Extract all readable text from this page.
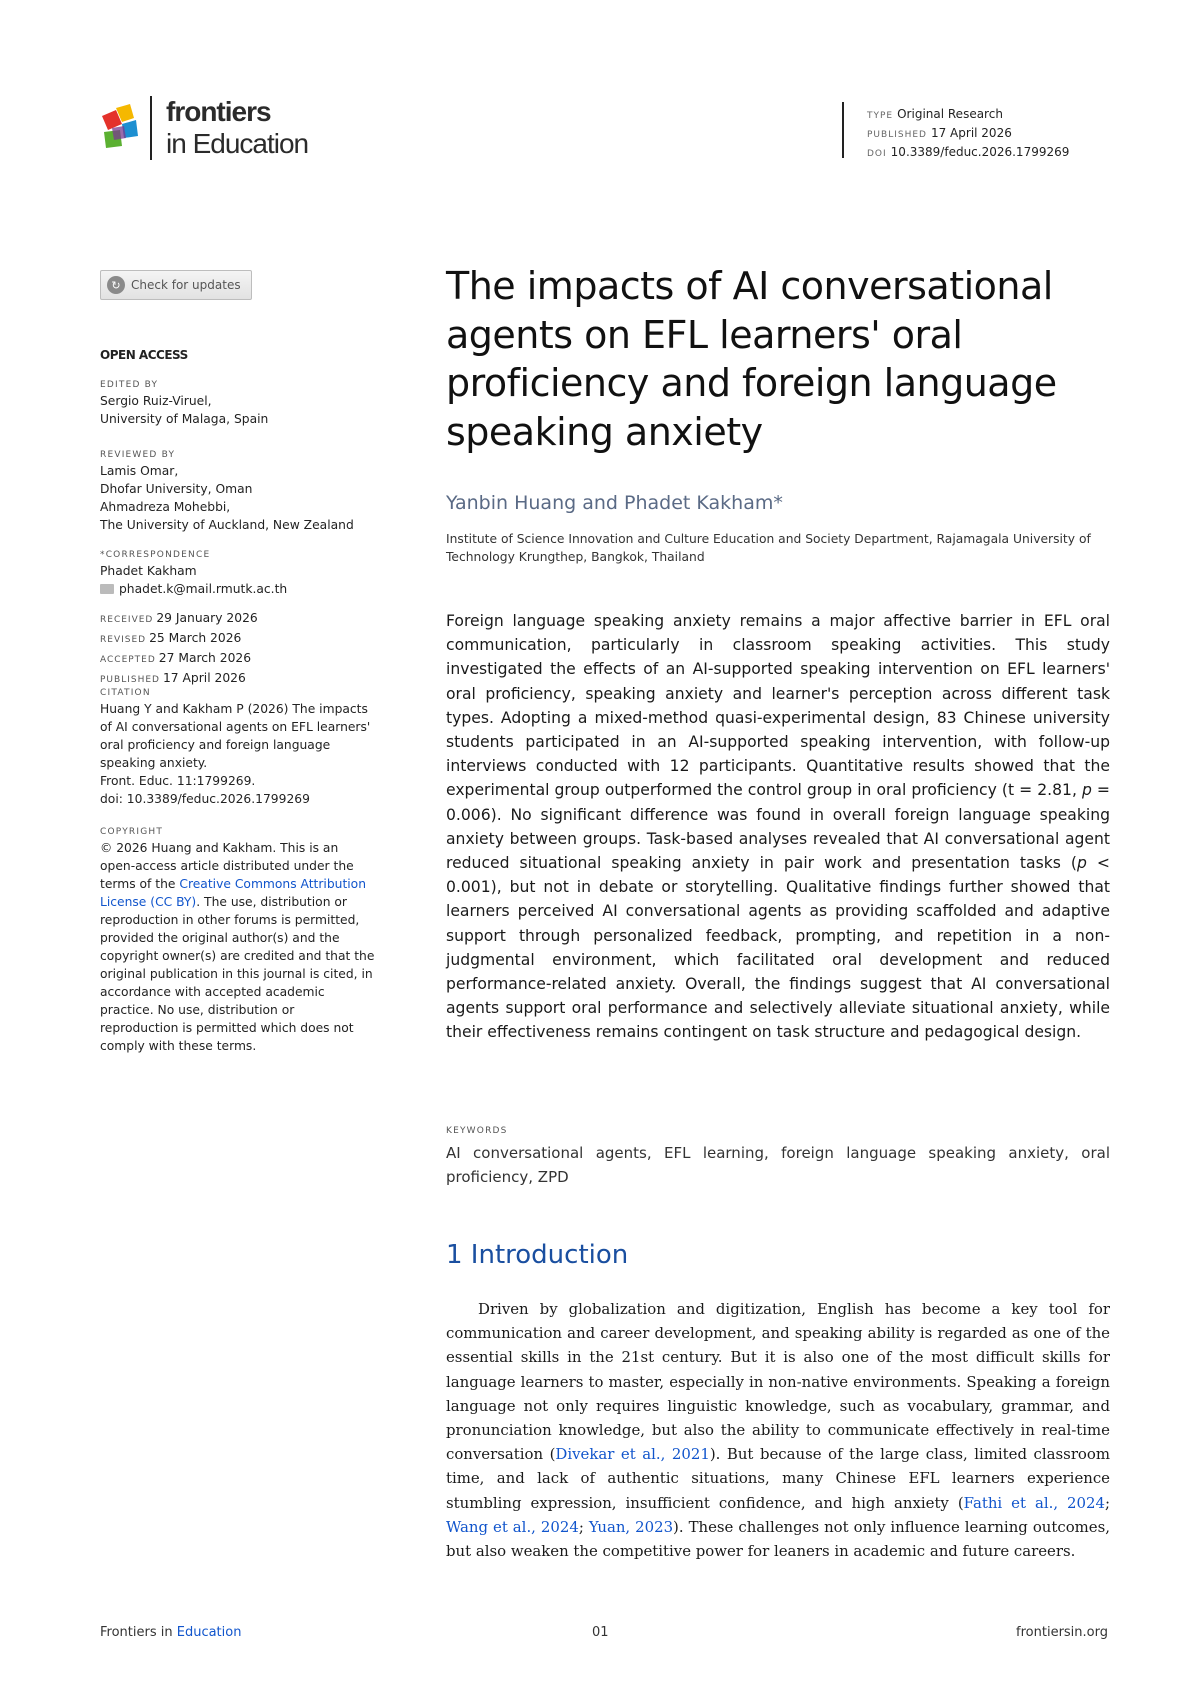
frontiers
in Education
TYPE Original Research
PUBLISHED 17 April 2026
DOI 10.3389/feduc.2026.1799269
↻ Check for updates
OPEN ACCESS
EDITED BY
Sergio Ruiz-Viruel,
University of Malaga, Spain
REVIEWED BY
Lamis Omar,
Dhofar University, Oman
Ahmadreza Mohebbi,
The University of Auckland, New Zealand
*CORRESPONDENCE
Phadet Kakham
phadet.k@mail.rmutk.ac.th
RECEIVED 29 January 2026
REVISED 25 March 2026
ACCEPTED 27 March 2026
PUBLISHED 17 April 2026
CITATION
Huang Y and Kakham P (2026) The impacts of AI conversational agents on EFL learners' oral proficiency and foreign language speaking anxiety.
Front. Educ. 11:1799269.
doi: 10.3389/feduc.2026.1799269
COPYRIGHT
© 2026 Huang and Kakham. This is an open-access article distributed under the terms of the Creative Commons Attribution License (CC BY). The use, distribution or reproduction in other forums is permitted, provided the original author(s) and the copyright owner(s) are credited and that the original publication in this journal is cited, in accordance with accepted academic practice. No use, distribution or reproduction is permitted which does not comply with these terms.
The impacts of AI conversational agents on EFL learners' oral proficiency and foreign language speaking anxiety
Yanbin Huang and Phadet Kakham*
Institute of Science Innovation and Culture Education and Society Department, Rajamagala University of Technology Krungthep, Bangkok, Thailand
Foreign language speaking anxiety remains a major affective barrier in EFL oral communication, particularly in classroom speaking activities. This study investigated the effects of an AI-supported speaking intervention on EFL learners' oral proficiency, speaking anxiety and learner's perception across different task types. Adopting a mixed-method quasi-experimental design, 83 Chinese university students participated in an AI-supported speaking intervention, with follow-up interviews conducted with 12 participants. Quantitative results showed that the experimental group outperformed the control group in oral proficiency (t = 2.81, p = 0.006). No significant difference was found in overall foreign language speaking anxiety between groups. Task-based analyses revealed that AI conversational agent reduced situational speaking anxiety in pair work and presentation tasks (p < 0.001), but not in debate or storytelling. Qualitative findings further showed that learners perceived AI conversational agents as providing scaffolded and adaptive support through personalized feedback, prompting, and repetition in a non-judgmental environment, which facilitated oral development and reduced performance-related anxiety. Overall, the findings suggest that AI conversational agents support oral performance and selectively alleviate situational anxiety, while their effectiveness remains contingent on task structure and pedagogical design.
KEYWORDS
AI conversational agents, EFL learning, foreign language speaking anxiety, oral proficiency, ZPD
1 Introduction
Driven by globalization and digitization, English has become a key tool for communication and career development, and speaking ability is regarded as one of the essential skills in the 21st century. But it is also one of the most difficult skills for language learners to master, especially in non-native environments. Speaking a foreign language not only requires linguistic knowledge, such as vocabulary, grammar, and pronunciation knowledge, but also the ability to communicate effectively in real-time conversation (Divekar et al., 2021). But because of the large class, limited classroom time, and lack of authentic situations, many Chinese EFL learners experience stumbling expression, insufficient confidence, and high anxiety (Fathi et al., 2024; Wang et al., 2024; Yuan, 2023). These challenges not only influence learning outcomes, but also weaken the competitive power for leaners in academic and future careers.
Frontiers in Education	01	frontiersin.org
